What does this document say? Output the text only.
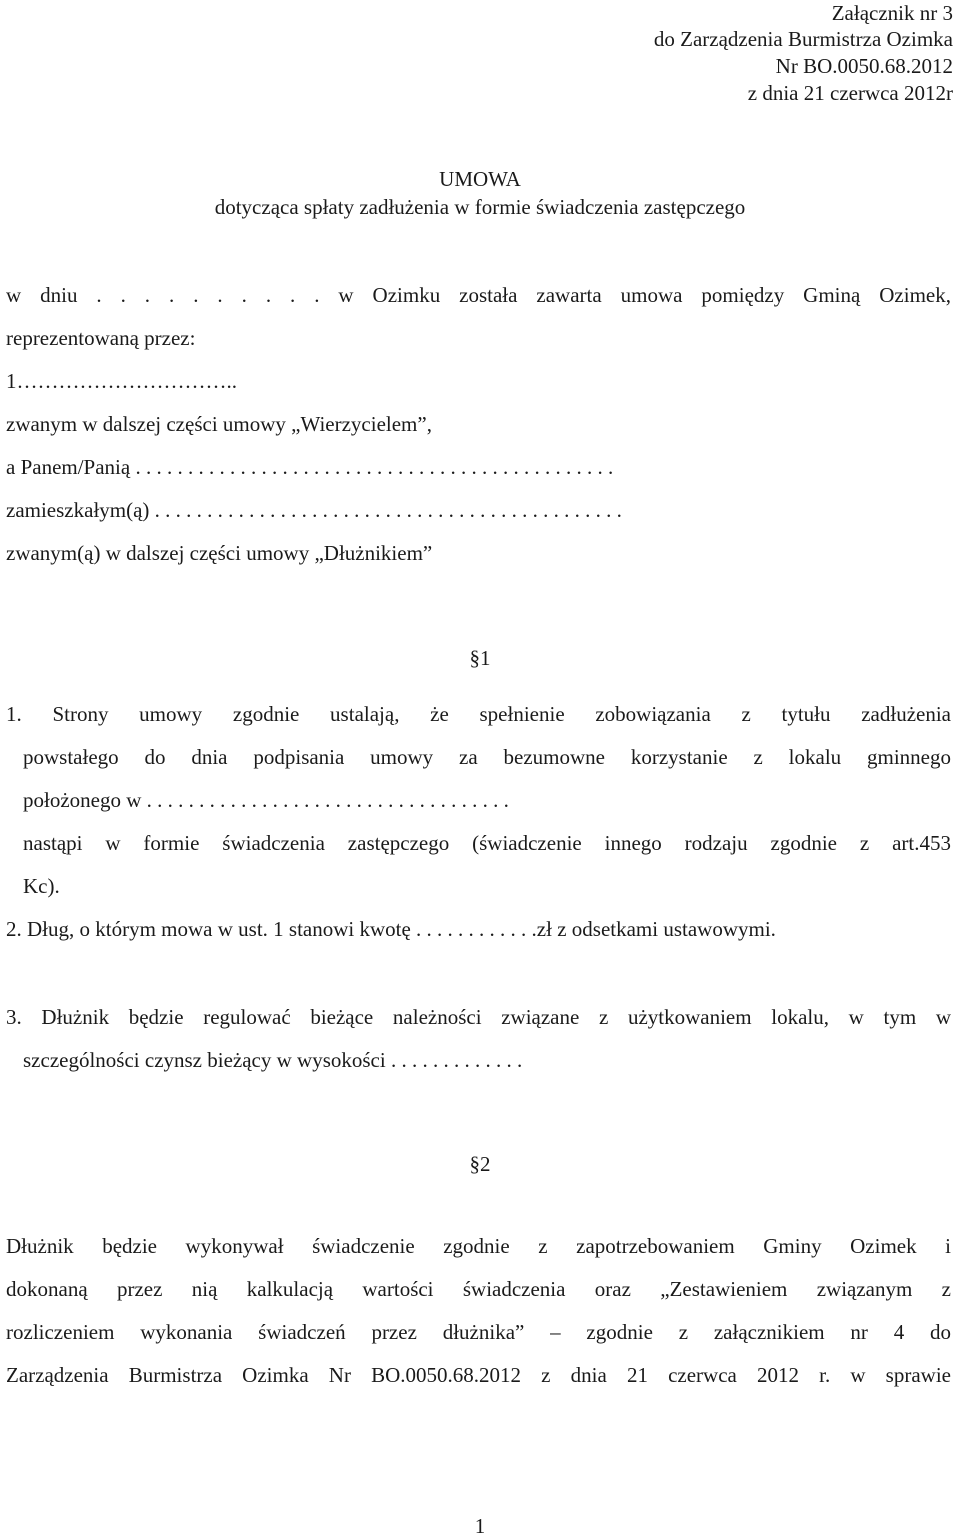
Załącznik nr 3
do Zarządzenia Burmistrza Ozimka
Nr BO.0050.68.2012
z dnia 21 czerwca 2012r
UMOWA
dotycząca spłaty zadłużenia w formie świadczenia zastępczego
w dniu . . . . . . . . . . w Ozimku została zawarta umowa pomiędzy Gminą Ozimek,
reprezentowaną przez:
1…………………………..
zwanym w dalszej części umowy „Wierzycielem”,
a Panem/Panią . . . . . . . . . . . . . . . . . . . . . . . . . . . . . . . . . . . . . . . . . . . . . .
zamieszkałym(ą) . . . . . . . . . . . . . . . . . . . . . . . . . . . . . . . . . . . . . . . . . . . . .
zwanym(ą) w dalszej części umowy „Dłużnikiem”
§1
1. Strony umowy zgodnie ustalają, że spełnienie zobowiązania z tytułu zadłużenia
powstałego do dnia podpisania umowy za bezumowne korzystanie z lokalu gminnego
położonego w . . . . . . . . . . . . . . . . . . . . . . . . . . . . . . . . . . .
nastąpi w formie świadczenia zastępczego (świadczenie innego rodzaju zgodnie z art.453
Kc).
2. Dług, o którym mowa w ust. 1 stanowi kwotę . . . . . . . . . . . .zł z odsetkami ustawowymi.
3. Dłużnik będzie regulować bieżące należności związane z użytkowaniem lokalu, w tym w
szczególności czynsz bieżący w wysokości . . . . . . . . . . . . .
§2
Dłużnik będzie wykonywał świadczenie zgodnie z zapotrzebowaniem Gminy Ozimek i
dokonaną przez nią kalkulacją wartości świadczenia oraz „Zestawieniem związanym z
rozliczeniem wykonania świadczeń przez dłużnika” – zgodnie z załącznikiem nr 4 do
Zarządzenia Burmistrza Ozimka Nr BO.0050.68.2012 z dnia 21 czerwca 2012 r. w sprawie
1
